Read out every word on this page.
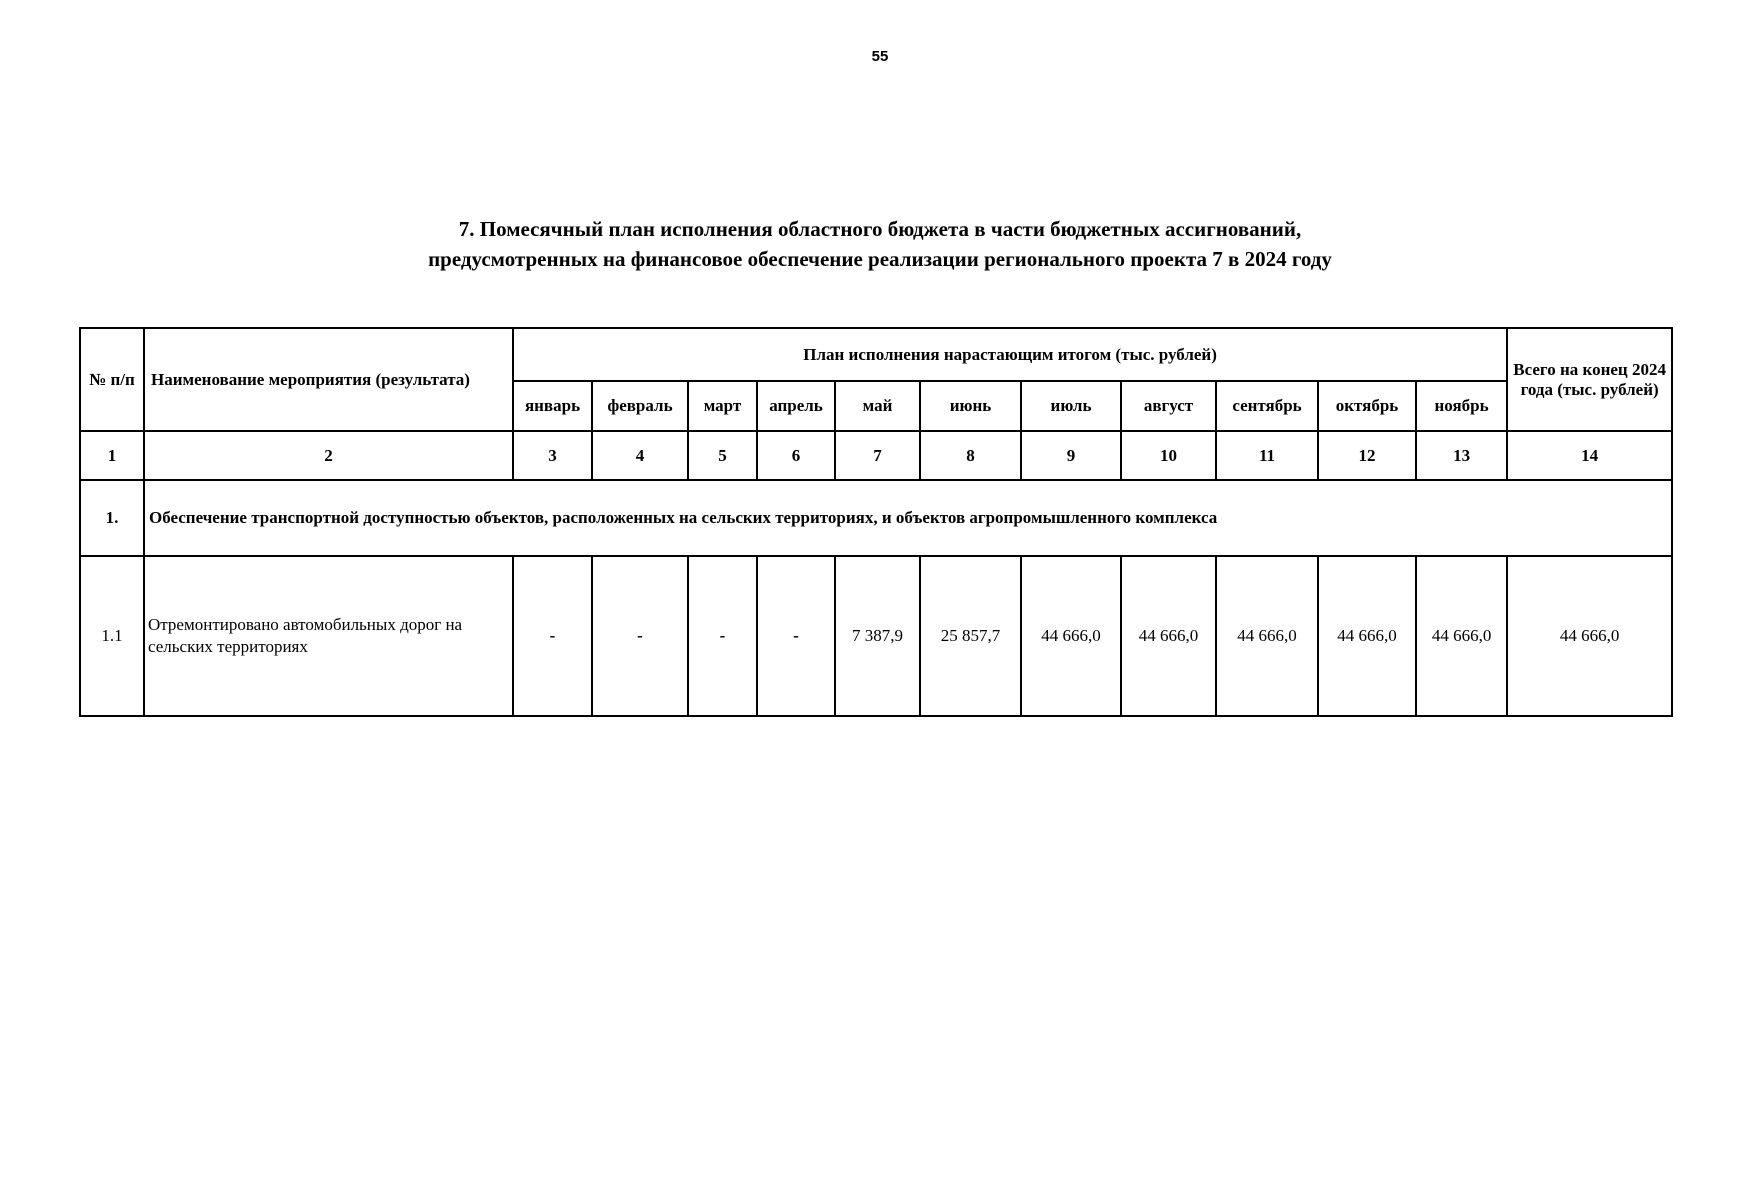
55
7. Помесячный план исполнения областного бюджета в части бюджетных ассигнований,
предусмотренных на финансовое обеспечение реализации регионального проекта 7 в 2024 году
№ п/п	Наименование мероприятия (результата)	План исполнения нарастающим итогом (тыс. рублей)											Всего на конец 2024 года (тыс. рублей)
		январь	февраль	март	апрель	май	июнь	июль	август	сентябрь	октябрь	ноябрь	
1	2	3	4	5	6	7	8	9	10	11	12	13	14
1.	Обеспечение транспортной доступностью объектов, расположенных на сельских территориях, и объектов агропромышленного комплекса												
1.1	Отремонтировано автомобильных дорог на сельских территориях	-	-	-	-	7 387,9	25 857,7	44 666,0	44 666,0	44 666,0	44 666,0	44 666,0	44 666,0
